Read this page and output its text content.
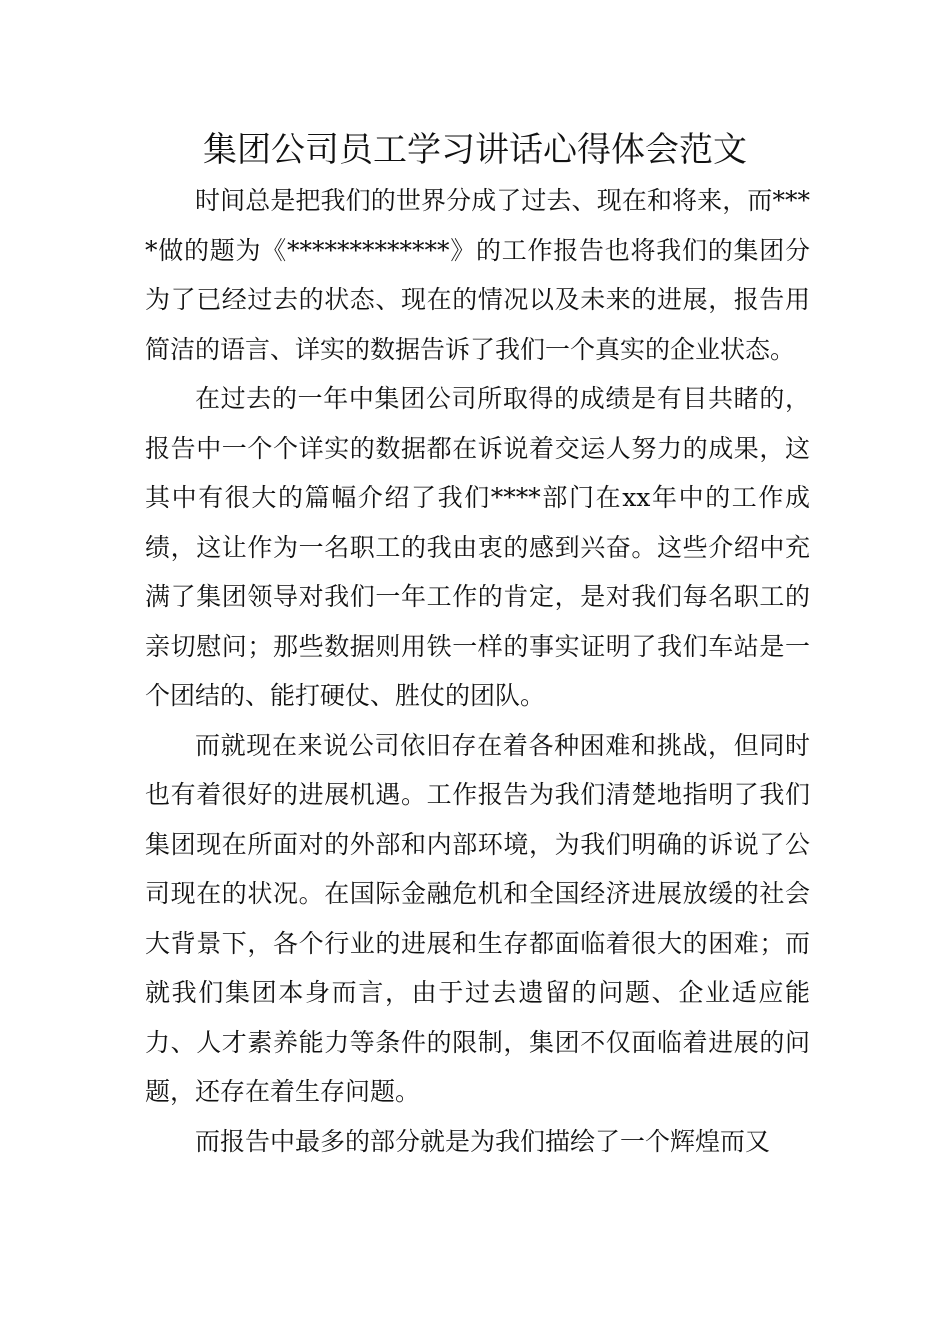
集团公司员工学习讲话心得体会范文

时间总是把我们的世界分成了过去、现在和将来，而****做的题为《*************》的工作报告也将我们的集团分为了已经过去的状态、现在的情况以及未来的进展，报告用简洁的语言、详实的数据告诉了我们一个真实的企业状态。

在过去的一年中集团公司所取得的成绩是有目共睹的，报告中一个个详实的数据都在诉说着交运人努力的成果，这其中有很大的篇幅介绍了我们****部门在xx年中的工作成绩，这让作为一名职工的我由衷的感到兴奋。这些介绍中充满了集团领导对我们一年工作的肯定，是对我们每名职工的亲切慰问；那些数据则用铁一样的事实证明了我们车站是一个团结的、能打硬仗、胜仗的团队。

而就现在来说公司依旧存在着各种困难和挑战，但同时也有着很好的进展机遇。工作报告为我们清楚地指明了我们集团现在所面对的外部和内部环境，为我们明确的诉说了公司现在的状况。在国际金融危机和全国经济进展放缓的社会大背景下，各个行业的进展和生存都面临着很大的困难；而就我们集团本身而言，由于过去遗留的问题、企业适应能力、人才素养能力等条件的限制，集团不仅面临着进展的问题，还存在着生存问题。

而报告中最多的部分就是为我们描绘了一个辉煌而又
